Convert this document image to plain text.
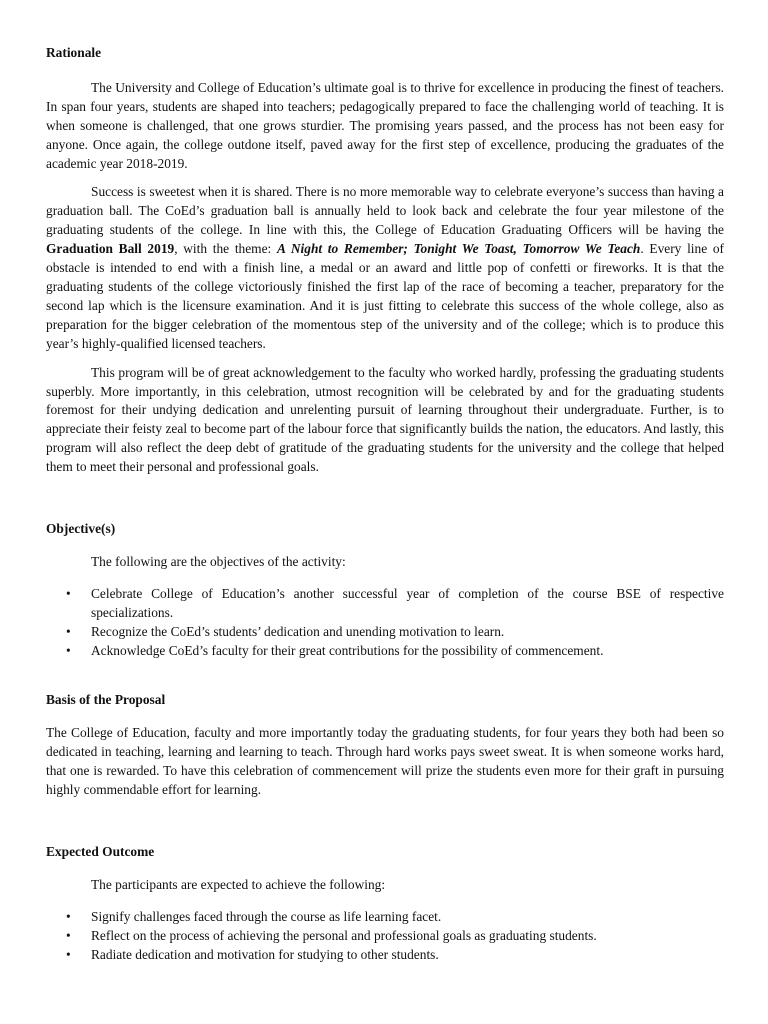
Rationale

The University and College of Education’s ultimate goal is to thrive for excellence in producing the finest of teachers. In span four years, students are shaped into teachers; pedagogically prepared to face the challenging world of teaching. It is when someone is challenged, that one grows sturdier. The promising years passed, and the process has not been easy for anyone. Once again, the college outdone itself, paved away for the first step of excellence, producing the graduates of the academic year 2018-2019.

Success is sweetest when it is shared. There is no more memorable way to celebrate everyone’s success than having a graduation ball. The CoEd’s graduation ball is annually held to look back and celebrate the four year milestone of the graduating students of the college. In line with this, the College of Education Graduating Officers will be having the Graduation Ball 2019, with the theme: A Night to Remember; Tonight We Toast, Tomorrow We Teach. Every line of obstacle is intended to end with a finish line, a medal or an award and little pop of confetti or fireworks. It is that the graduating students of the college victoriously finished the first lap of the race of becoming a teacher, preparatory for the second lap which is the licensure examination. And it is just fitting to celebrate this success of the whole college, also as preparation for the bigger celebration of the momentous step of the university and of the college; which is to produce this year’s highly-qualified licensed teachers.

This program will be of great acknowledgement to the faculty who worked hardly, professing the graduating students superbly. More importantly, in this celebration, utmost recognition will be celebrated by and for the graduating students foremost for their undying dedication and unrelenting pursuit of learning throughout their undergraduate. Further, is to appreciate their feisty zeal to become part of the labour force that significantly builds the nation, the educators. And lastly, this program will also reflect the deep debt of gratitude of the graduating students for the university and the college that helped them to meet their personal and professional goals.

Objective(s)

The following are the objectives of the activity:

• Celebrate College of Education’s another successful year of completion of the course BSE of respective specializations.
• Recognize the CoEd’s students’ dedication and unending motivation to learn.
• Acknowledge CoEd’s faculty for their great contributions for the possibility of commencement.
Basis of the Proposal

The College of Education, faculty and more importantly today the graduating students, for four years they both had been so dedicated in teaching, learning and learning to teach. Through hard works pays sweet sweat. It is when someone works hard, that one is rewarded. To have this celebration of commencement will prize the students even more for their graft in pursuing highly commendable effort for learning.

Expected Outcome

The participants are expected to achieve the following:

• Signify challenges faced through the course as life learning facet.
• Reflect on the process of achieving the personal and professional goals as graduating students.
• Radiate dedication and motivation for studying to other students.
